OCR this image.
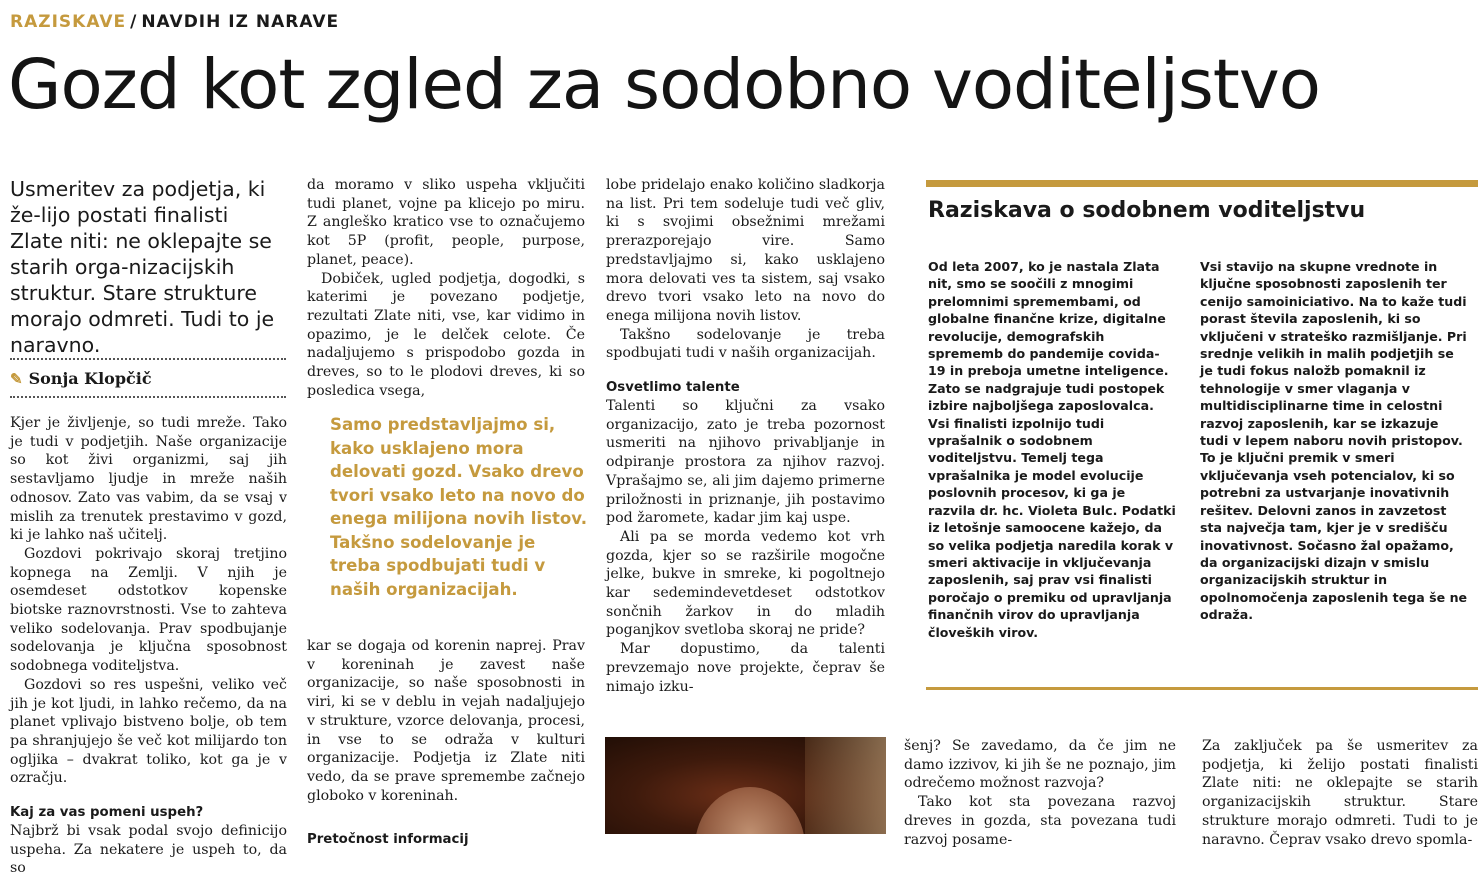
RAZISKAVE / NAVDIH IZ NARAVE
Gozd kot zgled za sodobno voditeljstvo
Usmeritev za podjetja, ki že-lijo postati finalisti Zlate niti: ne oklepajte se starih orga-nizacijskih struktur. Stare strukture morajo odmreti. Tudi to je naravno.
✎ Sonja Klopčič

Kjer je življenje, so tudi mreže. Tako je tudi v podjetjih. Naše organizacije so kot živi organizmi, saj jih sestavljamo ljudje in mreže naših odnosov. Zato vas vabim, da se vsaj v mislih za trenutek prestavimo v gozd, ki je lahko naš učitelj.

Gozdovi pokrivajo skoraj tretjino kopnega na Zemlji. V njih je osemdeset odstotkov kopenske biotske raznovrstnosti. Vse to zahteva veliko sodelovanja. Prav spodbujanje sodelovanja je ključna sposobnost sodobnega voditeljstva.

Gozdovi so res uspešni, veliko več jih je kot ljudi, in lahko rečemo, da na planet vplivajo bistveno bolje, ob tem pa shranjujejo še več kot milijardo ton ogljika – dvakrat toliko, kot ga je v ozračju.

Kaj za vas pomeni uspeh?

Najbrž bi vsak podal svojo definicijo uspeha. Za nekatere je uspeh to, da so

da moramo v sliko uspeha vključiti tudi planet, vojne pa klicejo po miru. Z angleško kratico vse to označujemo kot 5P (profit, people, purpose, planet, peace).

Dobiček, ugled podjetja, dogodki, s katerimi je povezano podjetje, rezultati Zlate niti, vse, kar vidimo in opazimo, je le delček celote. Če nadaljujemo s prispodobo gozda in dreves, so to le plodovi dreves, ki so posledica vsega,

Samo predstavljajmo si, kako usklajeno mora delovati gozd. Vsako drevo tvori vsako leto na novo do enega milijona novih listov. Takšno sodelovanje je treba spodbujati tudi v naših organizacijah.

kar se dogaja od korenin naprej. Prav v koreninah je zavest naše organizacije, so naše sposobnosti in viri, ki se v deblu in vejah nadaljujejo v strukture, vzorce delovanja, procesi, in vse to se odraža v kulturi organizacije. Podjetja iz Zlate niti vedo, da se prave spremembe začnejo globoko v koreninah.

Pretočnost informacij

lobe pridelajo enako količino sladkorja na list. Pri tem sodeluje tudi več gliv, ki s svojimi obsežnimi mrežami prerazporejajo vire. Samo predstavljajmo si, kako usklajeno mora delovati ves ta sistem, saj vsako drevo tvori vsako leto na novo do enega milijona novih listov.

Takšno sodelovanje je treba spodbujati tudi v naših organizacijah.

Osvetlimo talente

Talenti so ključni za vsako organizacijo, zato je treba pozornost usmeriti na njihovo privabljanje in odpiranje prostora za njihov razvoj. Vprašajmo se, ali jim dajemo primerne priložnosti in priznanje, jih postavimo pod žaromete, kadar jim kaj uspe.

Ali pa se morda vedemo kot vrh gozda, kjer so se razširile mogočne jelke, bukve in smreke, ki pogoltnejo kar sedemindevetdeset odstotkov sončnih žarkov in do mladih poganjkov svetloba skoraj ne pride?

Mar dopustimo, da talenti prevzemajo nove projekte, čeprav še nimajo izku-

Raziskava o sodobnem voditeljstvu
Od leta 2007, ko je nastala Zlata nit, smo se soočili z mnogimi prelomnimi spremembami, od globalne finančne krize, digitalne revolucije, demografskih sprememb do pandemije covida-19 in preboja umetne inteligence. Zato se nadgrajuje tudi postopek izbire najboljšega zaposlovalca. Vsi finalisti izpolnijo tudi vprašalnik o sodobnem voditeljstvu. Temelj tega vprašalnika je model evolucije poslovnih procesov, ki ga je razvila dr. hc. Violeta Bulc. Podatki iz letošnje samoocene kažejo, da so velika podjetja naredila korak v smeri aktivacije in vključevanja zaposlenih, saj prav vsi finalisti poročajo o premiku od upravljanja finančnih virov do upravljanja človeških virov.
Vsi stavijo na skupne vrednote in ključne sposobnosti zaposlenih ter cenijo samoiniciativo. Na to kaže tudi porast števila zaposlenih, ki so vključeni v strateško razmišljanje. Pri srednje velikih in malih podjetjih se je tudi fokus naložb pomaknil iz tehnologije v smer vlaganja v multidisciplinarne time in celostni razvoj zaposlenih, kar se izkazuje tudi v lepem naboru novih pristopov. To je ključni premik v smeri vključevanja vseh potencialov, ki so potrebni za ustvarjanje inovativnih rešitev. Delovni zanos in zavzetost sta največja tam, kjer je v središču inovativnost. Sočasno žal opažamo, da organizacijski dizajn v smislu organizacijskih struktur in opolnomočenja zaposlenih tega še ne odraža.

šenj? Se zavedamo, da če jim ne damo izzivov, ki jih še ne poznajo, jim odrečemo možnost razvoja?

Tako kot sta povezana razvoj dreves in gozda, sta povezana tudi razvoj posame-

Za zaključek pa še usmeritev za podjetja, ki želijo postati finalisti Zlate niti: ne oklepajte se starih organizacijskih struktur. Stare strukture morajo odmreti. Tudi to je naravno. Čeprav vsako drevo spomla-
